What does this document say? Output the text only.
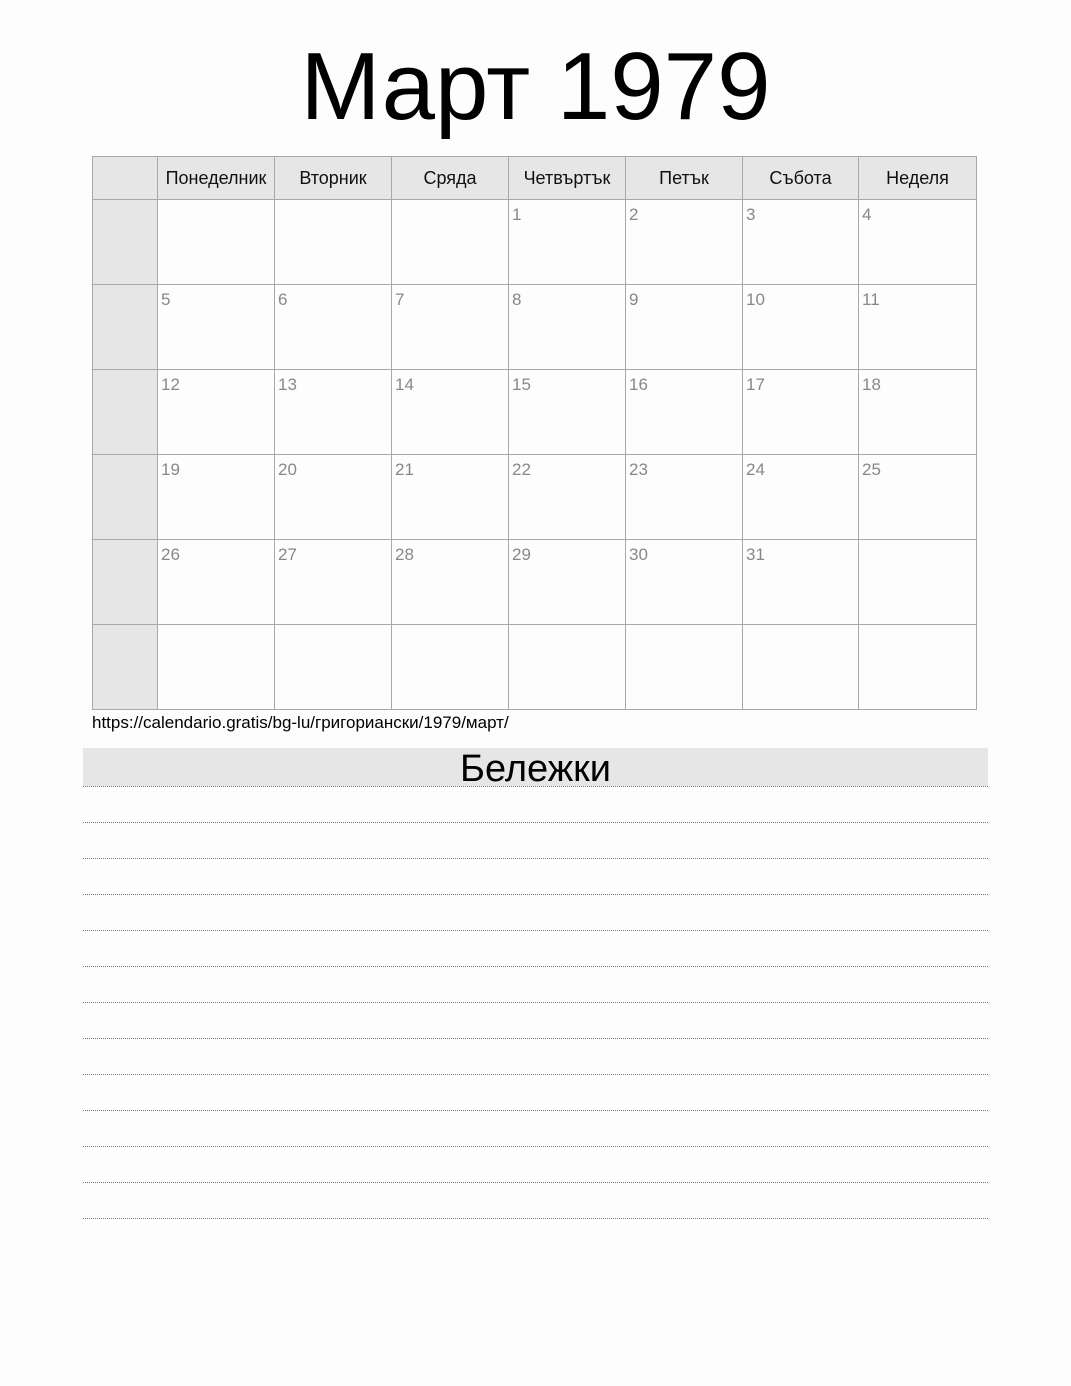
Март 1979
	Понеделник	Вторник	Сряда	Четвъртък	Петък	Събота	Неделя

				1	2	3	4

	5	6	7	8	9	10	11

	12	13	14	15	16	17	18

	19	20	21	22	23	24	25

	26	27	28	29	30	31	

https://calendario.gratis/bg-lu/григориански/1979/март/
Бележки
